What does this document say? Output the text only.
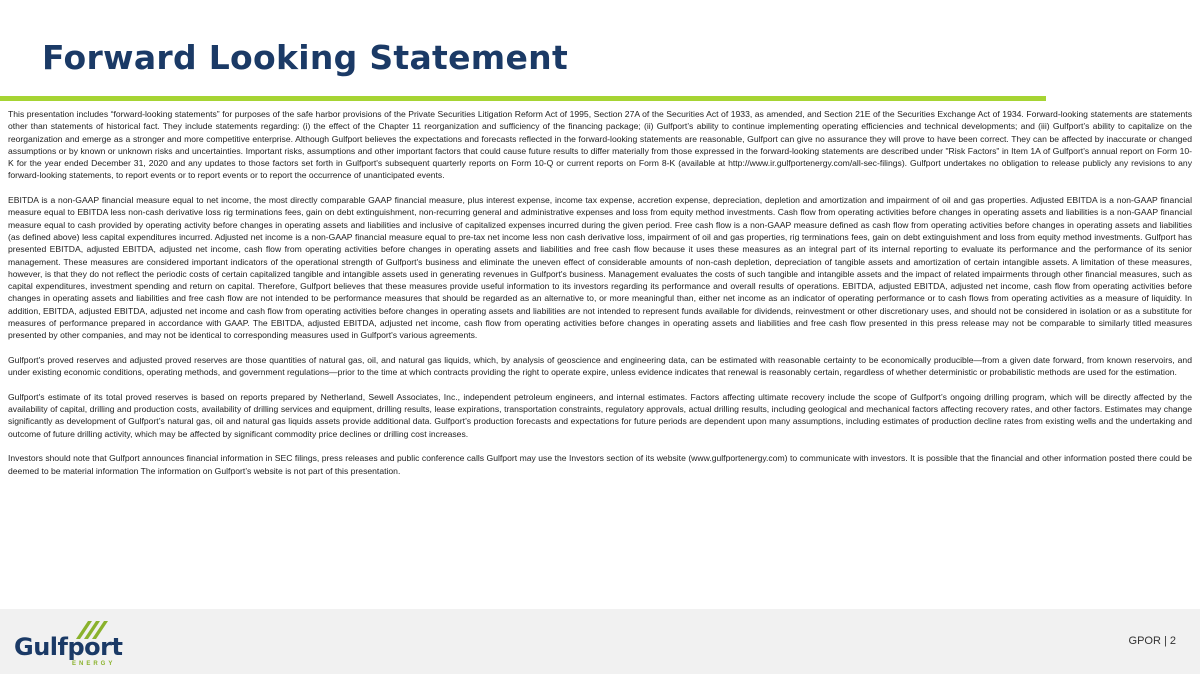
Forward Looking Statement

This presentation includes “forward-looking statements” for purposes of the safe harbor provisions of the Private Securities Litigation Reform Act of 1995, Section 27A of the Securities Act of 1933, as amended, and Section 21E of the Securities Exchange Act of 1934. Forward-looking statements are statements other than statements of historical fact. They include statements regarding: (i) the effect of the Chapter 11 reorganization and sufficiency of the financing package; (ii) Gulfport’s ability to continue implementing operating efficiencies and technical developments; and (iii) Gulfport’s ability to capitalize on the reorganization and emerge as a stronger and more competitive enterprise. Although Gulfport believes the expectations and forecasts reflected in the forward-looking statements are reasonable, Gulfport can give no assurance they will prove to have been correct. They can be affected by inaccurate or changed assumptions or by known or unknown risks and uncertainties. Important risks, assumptions and other important factors that could cause future results to differ materially from those expressed in the forward-looking statements are described under "Risk Factors" in Item 1A of Gulfport's annual report on Form 10-K for the year ended December 31, 2020 and any updates to those factors set forth in Gulfport's subsequent quarterly reports on Form 10-Q or current reports on Form 8-K (available at http://www.ir.gulfportenergy.com/all-sec-filings). Gulfport undertakes no obligation to release publicly any revisions to any forward-looking statements, to report events or to report events or to report the occurrence of unanticipated events.

EBITDA is a non-GAAP financial measure equal to net income, the most directly comparable GAAP financial measure, plus interest expense, income tax expense, accretion expense, depreciation, depletion and amortization and impairment of oil and gas properties. Adjusted EBITDA is a non-GAAP financial measure equal to EBITDA less non-cash derivative loss rig terminations fees, gain on debt extinguishment, non-recurring general and administrative expenses and loss from equity method investments. Cash flow from operating activities before changes in operating assets and liabilities is a non-GAAP financial measure equal to cash provided by operating activity before changes in operating assets and liabilities and inclusive of capitalized expenses incurred during the given period. Free cash flow is a non-GAAP measure defined as cash flow from operating activities before changes in operating assets and liabilities (as defined above) less capital expenditures incurred. Adjusted net income is a non-GAAP financial measure equal to pre-tax net income less non cash derivative loss, impairment of oil and gas properties, rig terminations fees, gain on debt extinguishment and loss from equity method investments. Gulfport has presented EBITDA, adjusted EBITDA, adjusted net income, cash flow from operating activities before changes in operating assets and liabilities and free cash flow because it uses these measures as an integral part of its internal reporting to evaluate its performance and the performance of its senior management. These measures are considered important indicators of the operational strength of Gulfport's business and eliminate the uneven effect of considerable amounts of non-cash depletion, depreciation of tangible assets and amortization of certain intangible assets. A limitation of these measures, however, is that they do not reflect the periodic costs of certain capitalized tangible and intangible assets used in generating revenues in Gulfport's business. Management evaluates the costs of such tangible and intangible assets and the impact of related impairments through other financial measures, such as capital expenditures, investment spending and return on capital. Therefore, Gulfport believes that these measures provide useful information to its investors regarding its performance and overall results of operations. EBITDA, adjusted EBITDA, adjusted net income, cash flow from operating activities before changes in operating assets and liabilities and free cash flow are not intended to be performance measures that should be regarded as an alternative to, or more meaningful than, either net income as an indicator of operating performance or to cash flows from operating activities as a measure of liquidity. In addition, EBITDA, adjusted EBITDA, adjusted net income and cash flow from operating activities before changes in operating assets and liabilities are not intended to represent funds available for dividends, reinvestment or other discretionary uses, and should not be considered in isolation or as a substitute for measures of performance prepared in accordance with GAAP. The EBITDA, adjusted EBITDA, adjusted net income, cash flow from operating activities before changes in operating assets and liabilities and free cash flow presented in this press release may not be comparable to similarly titled measures presented by other companies, and may not be identical to corresponding measures used in Gulfport's various agreements.

Gulfport's proved reserves and adjusted proved reserves are those quantities of natural gas, oil, and natural gas liquids, which, by analysis of geoscience and engineering data, can be estimated with reasonable certainty to be economically producible—from a given date forward, from known reservoirs, and under existing economic conditions, operating methods, and government regulations—prior to the time at which contracts providing the right to operate expire, unless evidence indicates that renewal is reasonably certain, regardless of whether deterministic or probabilistic methods are used for the estimation.

Gulfport's estimate of its total proved reserves is based on reports prepared by Netherland, Sewell Associates, Inc., independent petroleum engineers, and internal estimates. Factors affecting ultimate recovery include the scope of Gulfport’s ongoing drilling program, which will be directly affected by the availability of capital, drilling and production costs, availability of drilling services and equipment, drilling results, lease expirations, transportation constraints, regulatory approvals, actual drilling results, including geological and mechanical factors affecting recovery rates, and other factors. Estimates may change significantly as development of Gulfport’s natural gas, oil and natural gas liquids assets provide additional data. Gulfport’s production forecasts and expectations for future periods are dependent upon many assumptions, including estimates of production decline rates from existing wells and the undertaking and outcome of future drilling activity, which may be affected by significant commodity price declines or drilling cost increases.

Investors should note that Gulfport announces financial information in SEC filings, press releases and public conference calls Gulfport may use the Investors section of its website (www.gulfportenergy.com) to communicate with investors. It is possible that the financial and other information posted there could be deemed to be material information The information on Gulfport’s website is not part of this presentation.

Gulfport
ENERGY
GPOR | 2
